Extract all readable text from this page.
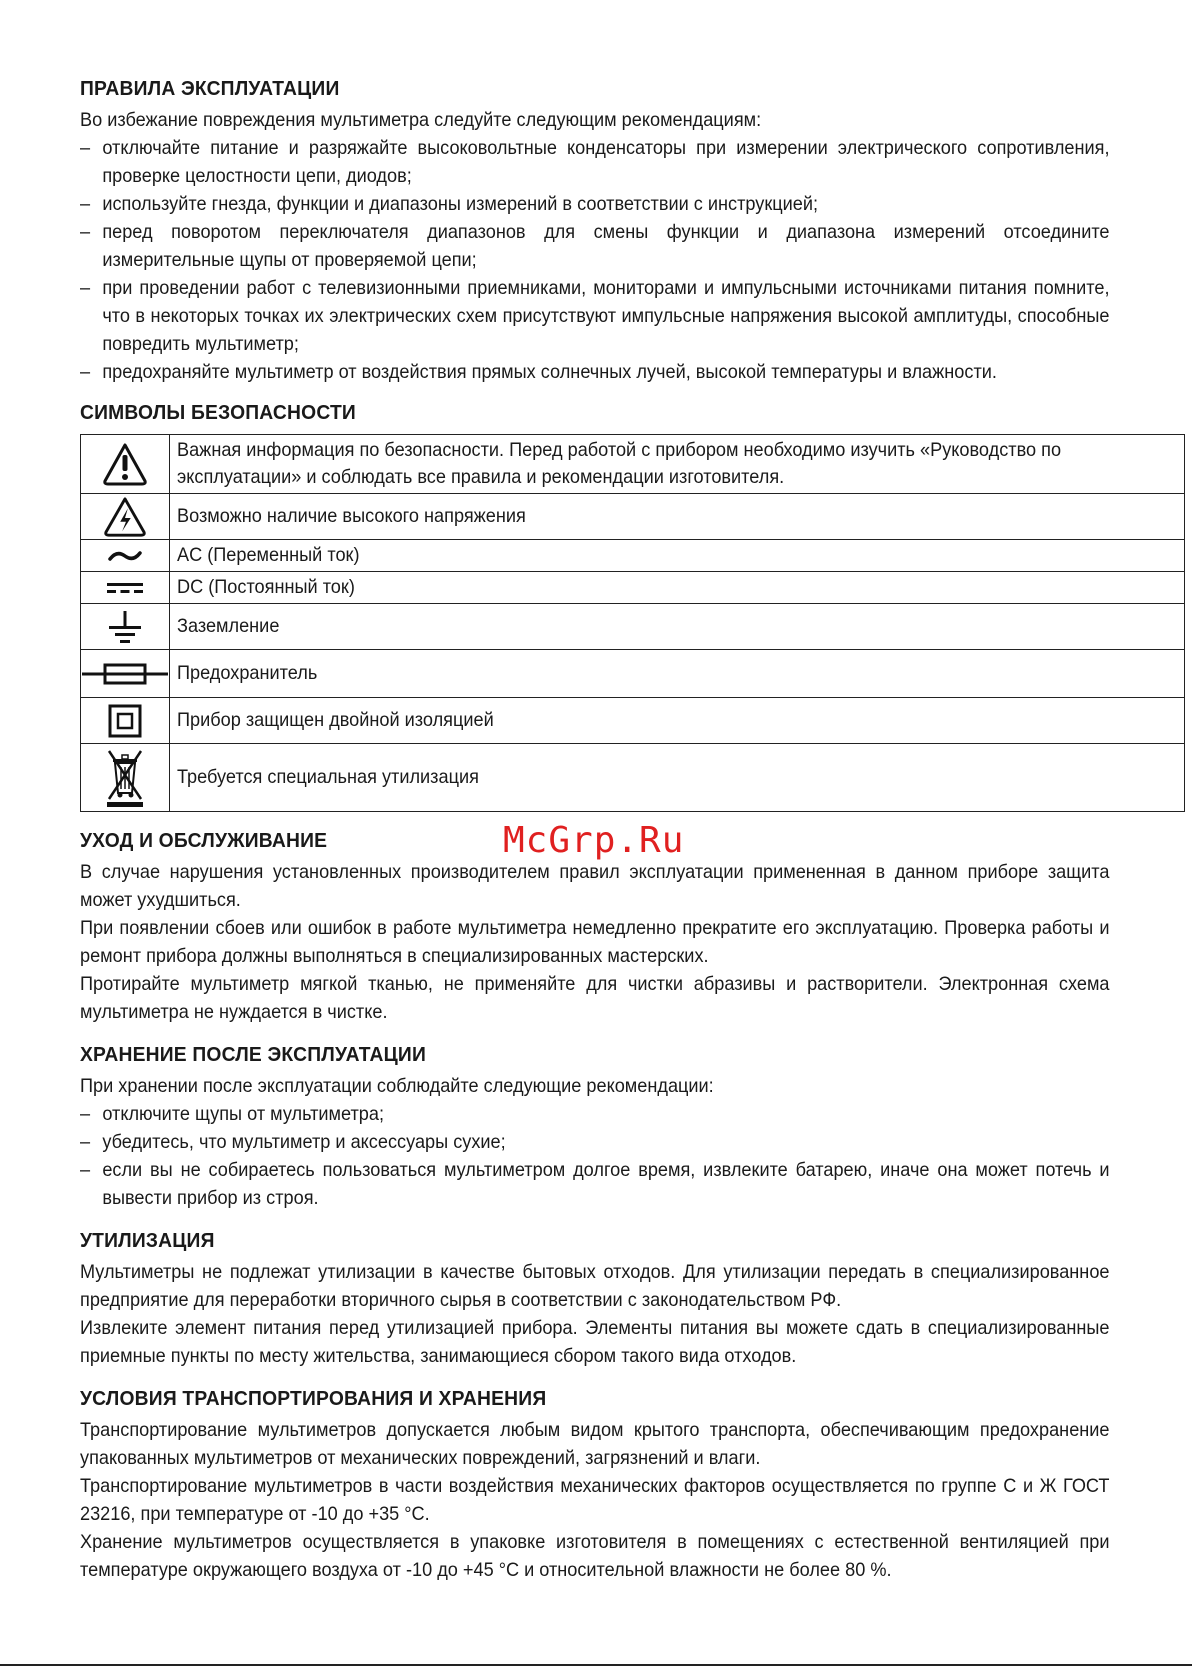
ПРАВИЛА ЭКСПЛУАТАЦИИ

Во избежание повреждения мультиметра следуйте следующим рекомендациям:

– отключайте питание и разряжайте высоковольтные конденсаторы при измерении электрического сопротивления, проверке целостности цепи, диодов;
– используйте гнезда, функции и диапазоны измерений в соответствии с инструкцией;
– перед поворотом переключателя диапазонов для смены функции и диапазона измерений отсоедините измерительные щупы от проверяемой цепи;
– при проведении работ с телевизионными приемниками, мониторами и импульсными источниками питания помните, что в некоторых точках их электрических схем присутствуют импульсные напряжения высокой амплитуды, способные повредить мультиметр;
– предохраняйте мультиметр от воздействия прямых солнечных лучей, высокой температуры и влажности.
СИМВОЛЫ БЕЗОПАСНОСТИ
	Важная информация по безопасности. Перед работой с прибором необходимо изучить «Руководство по эксплуатации» и соблюдать все правила и рекомендации изготовителя.

	Возможно наличие высокого напряжения

	AC (Переменный ток)

	DC (Постоянный ток)

	Заземление

	Предохранитель

	Прибор защищен двойной изоляцией

	Требуется специальная утилизация
УХОД И ОБСЛУЖИВАНИЕ

В случае нарушения установленных производителем правил эксплуатации примененная в данном приборе защита может ухудшиться.

При появлении сбоев или ошибок в работе мультиметра немедленно прекратите его эксплуатацию. Проверка работы и ремонт прибора должны выполняться в специализированных мастерских.

Протирайте мультиметр мягкой тканью, не применяйте для чистки абразивы и растворители. Электронная схема мультиметра не нуждается в чистке.

ХРАНЕНИЕ ПОСЛЕ ЭКСПЛУАТАЦИИ

При хранении после эксплуатации соблюдайте следующие рекомендации:

– отключите щупы от мультиметра;
– убедитесь, что мультиметр и аксессуары сухие;
– если вы не собираетесь пользоваться мультиметром долгое время, извлеките батарею, иначе она может потечь и вывести прибор из строя.
УТИЛИЗАЦИЯ

Мультиметры не подлежат утилизации в качестве бытовых отходов. Для утилизации передать в специализированное предприятие для переработки вторичного сырья в соответствии с законодательством РФ.

Извлеките элемент питания перед утилизацией прибора. Элементы питания вы можете сдать в специализированные приемные пункты по месту жительства, занимающиеся сбором такого вида отходов.

УСЛОВИЯ ТРАНСПОРТИРОВАНИЯ И ХРАНЕНИЯ

Транспортирование мультиметров допускается любым видом крытого транспорта, обеспечивающим предохранение упакованных мультиметров от механических повреждений, загрязнений и влаги.

Транспортирование мультиметров в части воздействия механических факторов осуществляется по группе С и Ж ГОСТ 23216, при температуре от -10 до +35 °С.

Хранение мультиметров осуществляется в упаковке изготовителя в помещениях с естественной вентиляцией при температуре окружающего воздуха от -10 до +45 °С и относительной влажности не более 80 %.

McGrp.Ru
